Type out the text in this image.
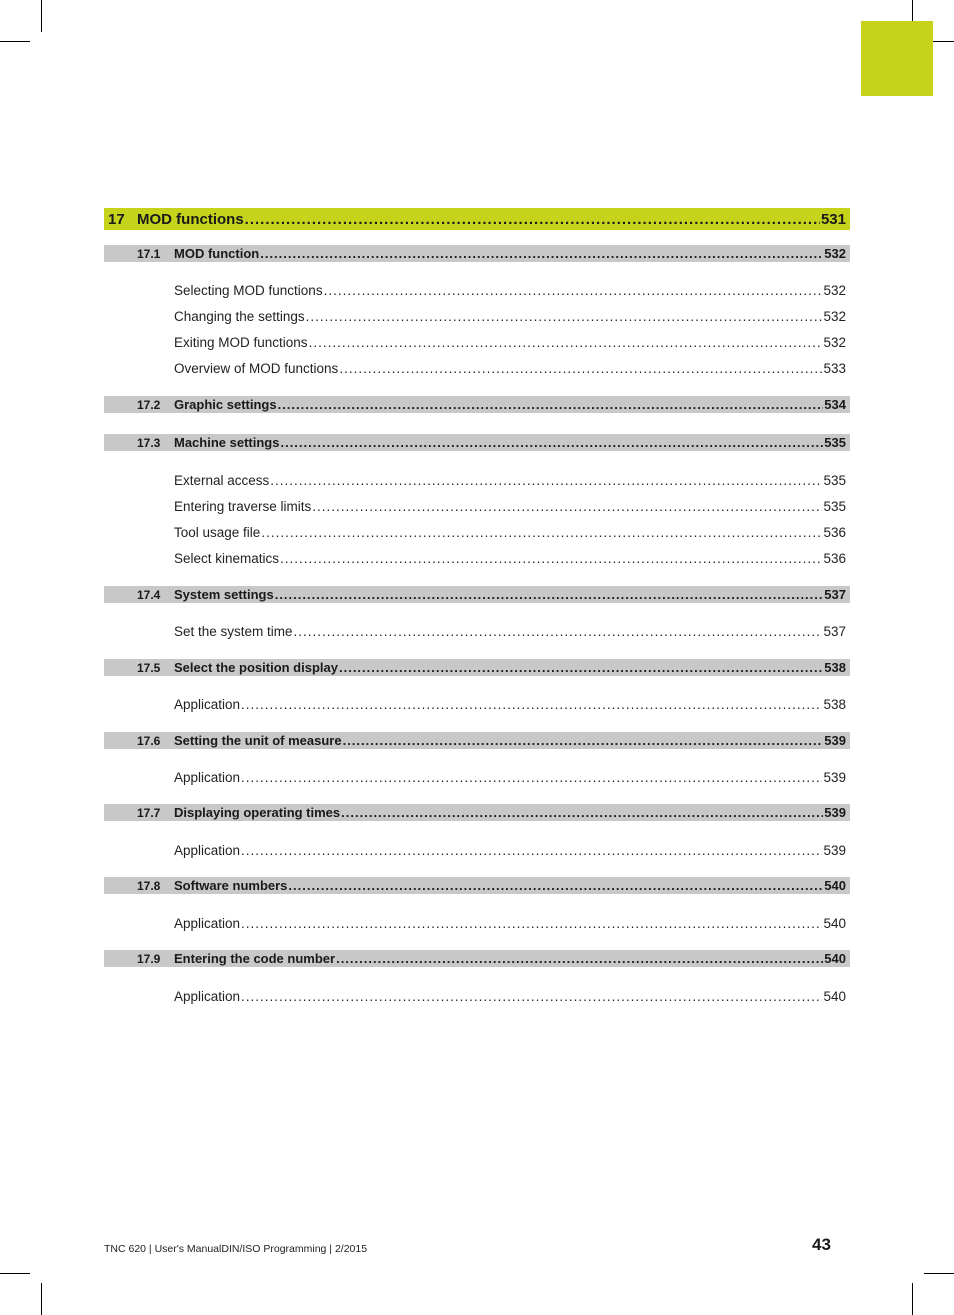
17 MOD functions .....	531
17.1	MOD function .....	532
Selecting MOD functions .....	532
Changing the settings .....	532
Exiting MOD functions .....	532
Overview of MOD functions .....	533
17.2	Graphic settings .....	534
17.3	Machine settings .....	535
External access .....	535
Entering traverse limits .....	535
Tool usage file .....	536
Select kinematics .....	536
17.4	System settings .....	537
Set the system time .....	537
17.5	Select the position display .....	538
Application .....	538
17.6	Setting the unit of measure .....	539
Application .....	539
17.7	Displaying operating times .....	539
Application .....	539
17.8	Software numbers .....	540
Application .....	540
17.9	Entering the code number .....	540
Application .....	540
TNC 620 | User's ManualDIN/ISO Programming | 2/2015	43
